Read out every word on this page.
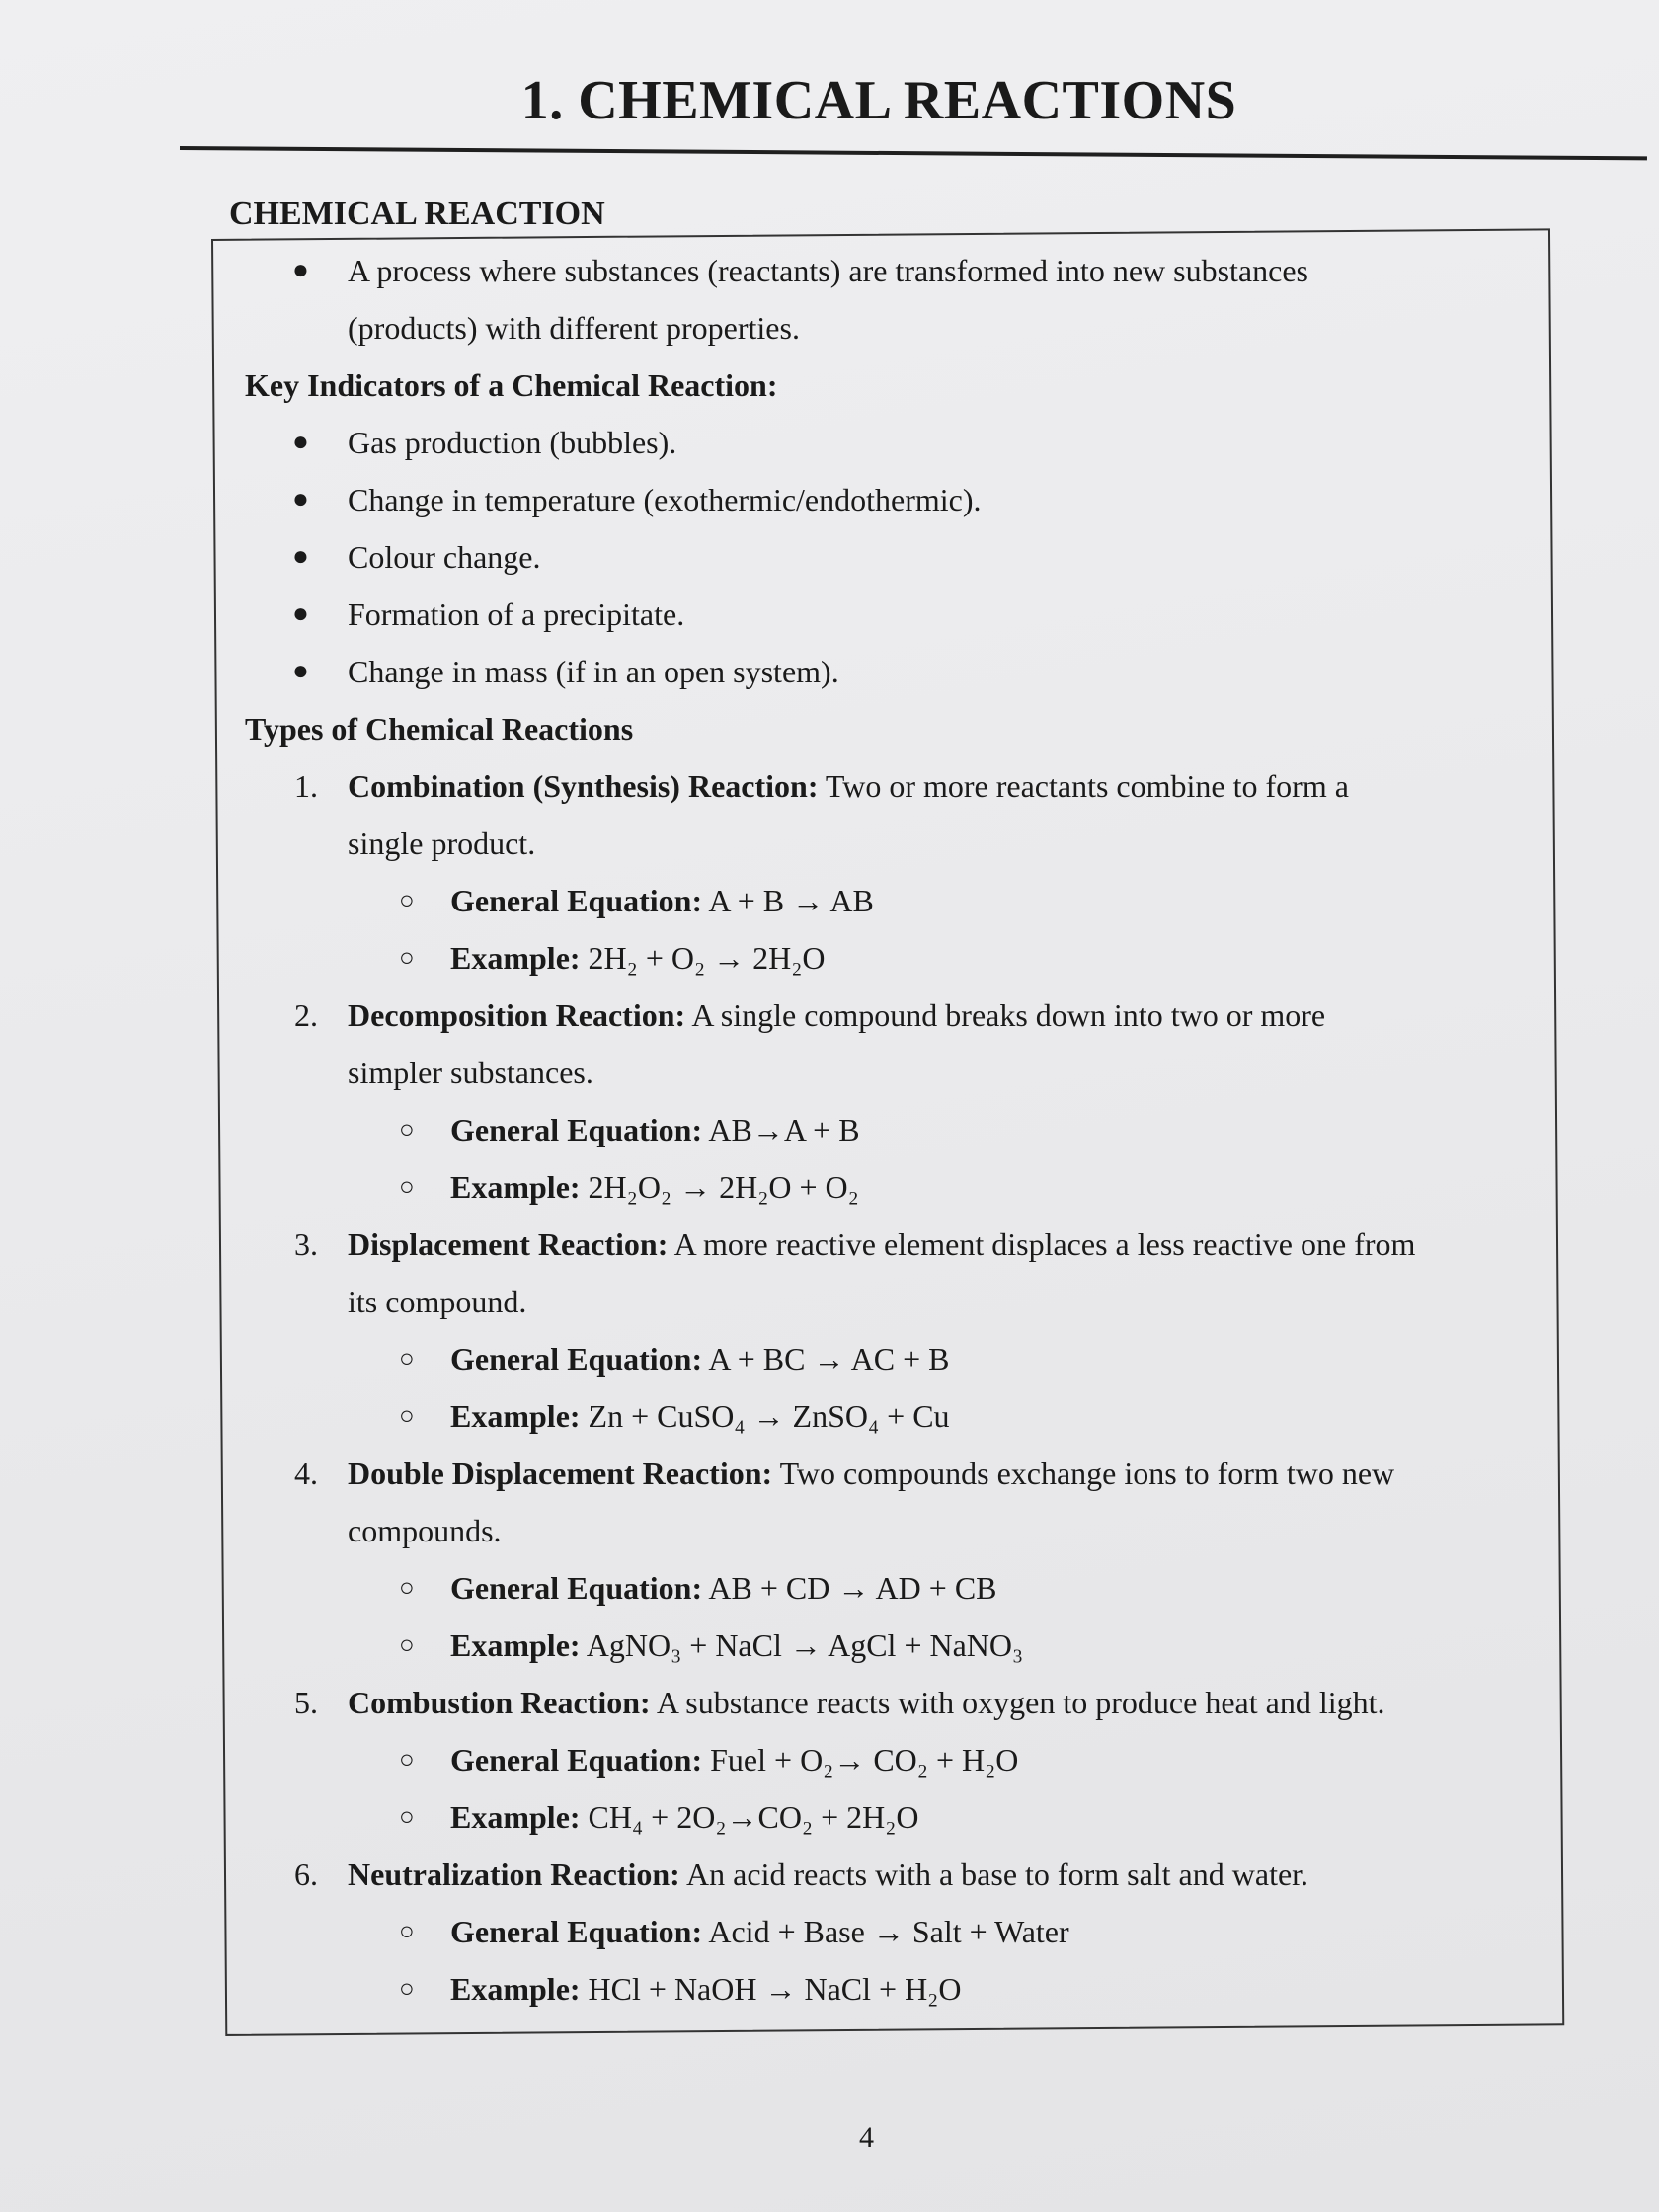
1. CHEMICAL REACTIONS
CHEMICAL REACTION
● A process where substances (reactants) are transformed into new substances
(products) with different properties.
Key Indicators of a Chemical Reaction:
● Gas production (bubbles).
● Change in temperature (exothermic/endothermic).
● Colour change.
● Formation of a precipitate.
● Change in mass (if in an open system).
Types of Chemical Reactions
1. Combination (Synthesis) Reaction: Two or more reactants combine to form a
single product.
○ General Equation: A + B → AB
○ Example: 2H₂ + O₂ → 2H₂O
2. Decomposition Reaction: A single compound breaks down into two or more
simpler substances.
○ General Equation: AB→A + B
○ Example: 2H₂O₂ → 2H₂O + O₂
3. Displacement Reaction: A more reactive element displaces a less reactive one from
its compound.
○ General Equation: A + BC → AC + B
○ Example: Zn + CuSO₄ → ZnSO₄ + Cu
4. Double Displacement Reaction: Two compounds exchange ions to form two new
compounds.
○ General Equation: AB + CD → AD + CB
○ Example: AgNO₃ + NaCl → AgCl + NaNO₃
5. Combustion Reaction: A substance reacts with oxygen to produce heat and light.
○ General Equation: Fuel + O₂→ CO₂ + H₂O
○ Example: CH₄ + 2O₂→CO₂ + 2H₂O
6. Neutralization Reaction: An acid reacts with a base to form salt and water.
○ General Equation: Acid + Base → Salt + Water
○ Example: HCl + NaOH → NaCl + H₂O
4
